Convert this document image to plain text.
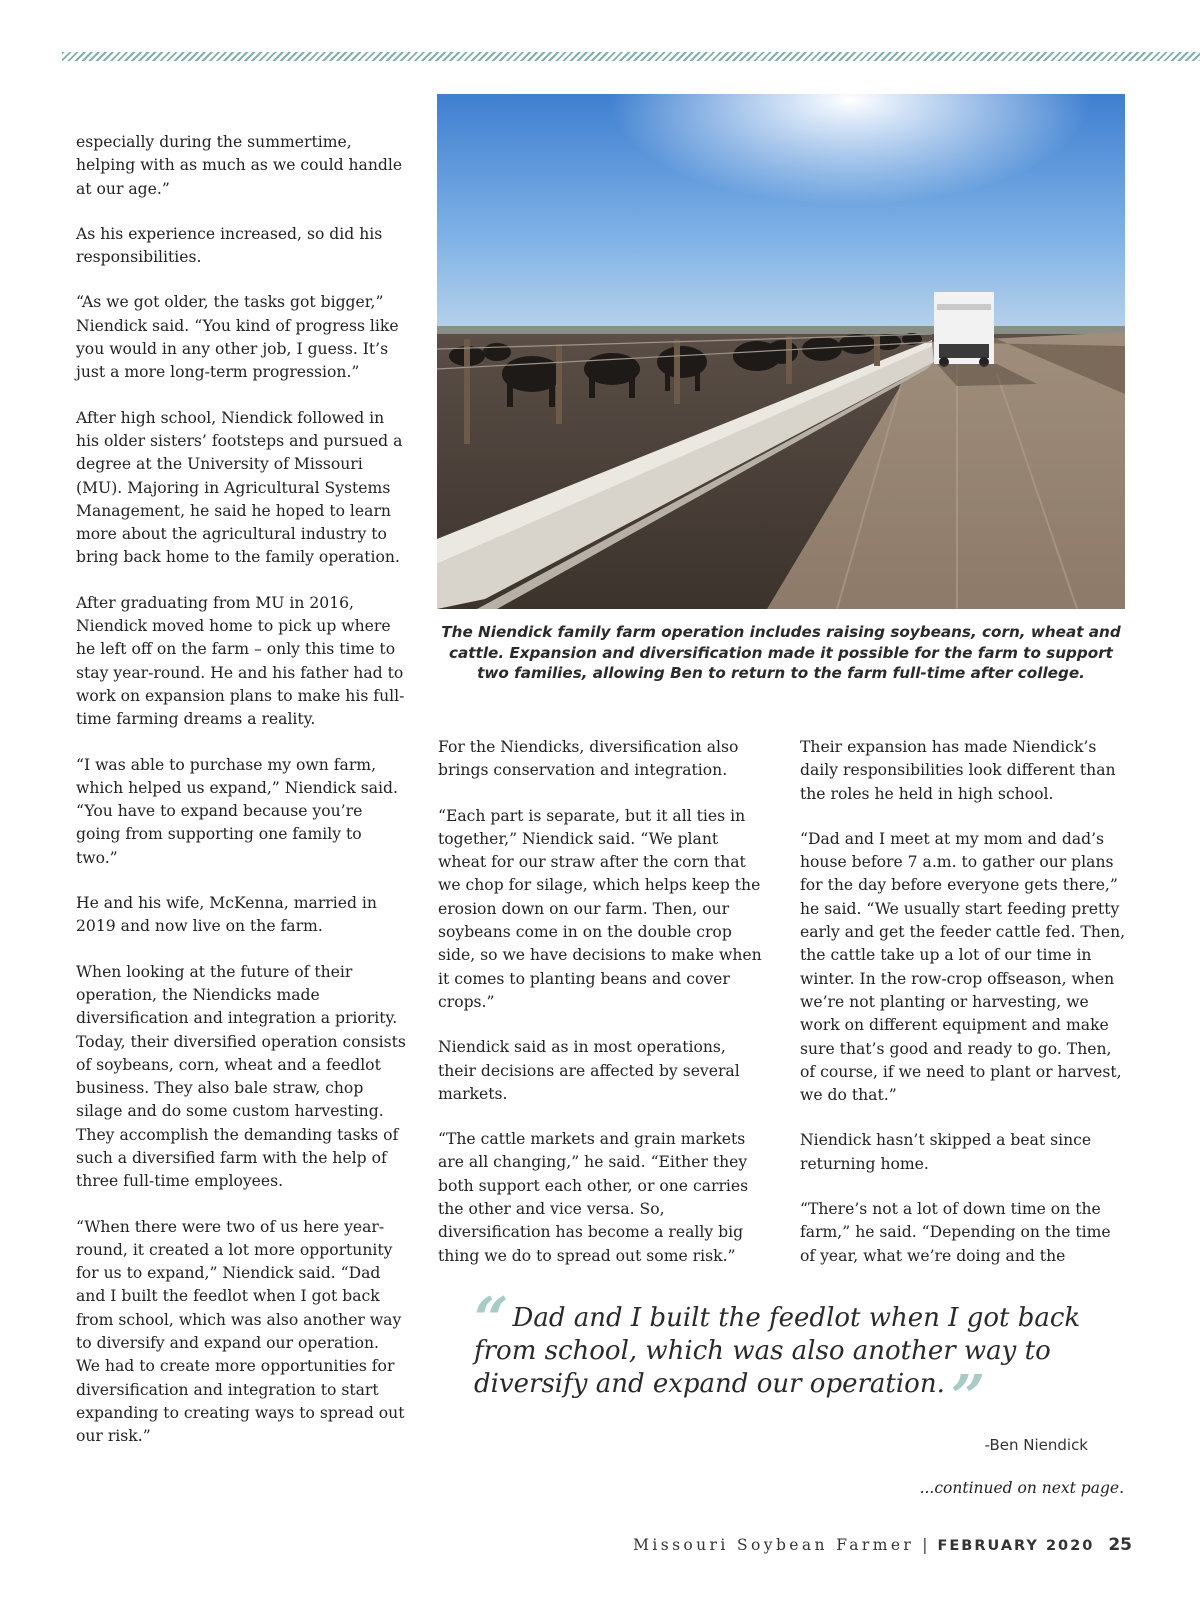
especially during the summertime, helping with as much as we could handle at our age.”

As his experience increased, so did his responsibilities.

“As we got older, the tasks got bigger,” Niendick said. “You kind of progress like you would in any other job, I guess. It’s just a more long-term progression.”

After high school, Niendick followed in his older sisters’ footsteps and pursued a degree at the University of Missouri (MU). Majoring in Agricultural Systems Management, he said he hoped to learn more about the agricultural industry to bring back home to the family operation.

After graduating from MU in 2016, Niendick moved home to pick up where he left off on the farm – only this time to stay year-round. He and his father had to work on expansion plans to make his full-time farming dreams a reality.

“I was able to purchase my own farm, which helped us expand,” Niendick said. “You have to expand because you’re going from supporting one family to two.”

He and his wife, McKenna, married in 2019 and now live on the farm.

When looking at the future of their operation, the Niendicks made diversification and integration a priority. Today, their diversified operation consists of soybeans, corn, wheat and a feedlot business. They also bale straw, chop silage and do some custom harvesting. They accomplish the demanding tasks of such a diversified farm with the help of three full-time employees.

“When there were two of us here year-round, it created a lot more opportunity for us to expand,” Niendick said. “Dad and I built the feedlot when I got back from school, which was also another way to diversify and expand our operation. We had to create more opportunities for diversification and integration to start expanding to creating ways to spread out our risk.”

The Niendick family farm operation includes raising soybeans, corn, wheat and cattle. Expansion and diversification made it possible for the farm to support two families, allowing Ben to return to the farm full-time after college.

For the Niendicks, diversification also brings conservation and integration.

“Each part is separate, but it all ties in together,” Niendick said. “We plant wheat for our straw after the corn that we chop for silage, which helps keep the erosion down on our farm. Then, our soybeans come in on the double crop side, so we have decisions to make when it comes to planting beans and cover crops.”

Niendick said as in most operations, their decisions are affected by several markets.

“The cattle markets and grain markets are all changing,” he said. “Either they both support each other, or one carries the other and vice versa. So, diversification has become a really big thing we do to spread out some risk.”

Their expansion has made Niendick’s daily responsibilities look different than the roles he held in high school.

“Dad and I meet at my mom and dad’s house before 7 a.m. to gather our plans for the day before everyone gets there,” he said. “We usually start feeding pretty early and get the feeder cattle fed. Then, the cattle take up a lot of our time in winter. In the row-crop offseason, when we’re not planting or harvesting, we work on different equipment and make sure that’s good and ready to go. Then, of course, if we need to plant or harvest, we do that.”

Niendick hasn’t skipped a beat since returning home.

“There’s not a lot of down time on the farm,” he said. “Depending on the time of year, what we’re doing and the

“ Dad and I built the feedlot when I got back from school, which was also another way to diversify and expand our operation. ”
-Ben Niendick
...continued on next page.
Missouri Soybean Farmer | FEBRUARY 2020 25
